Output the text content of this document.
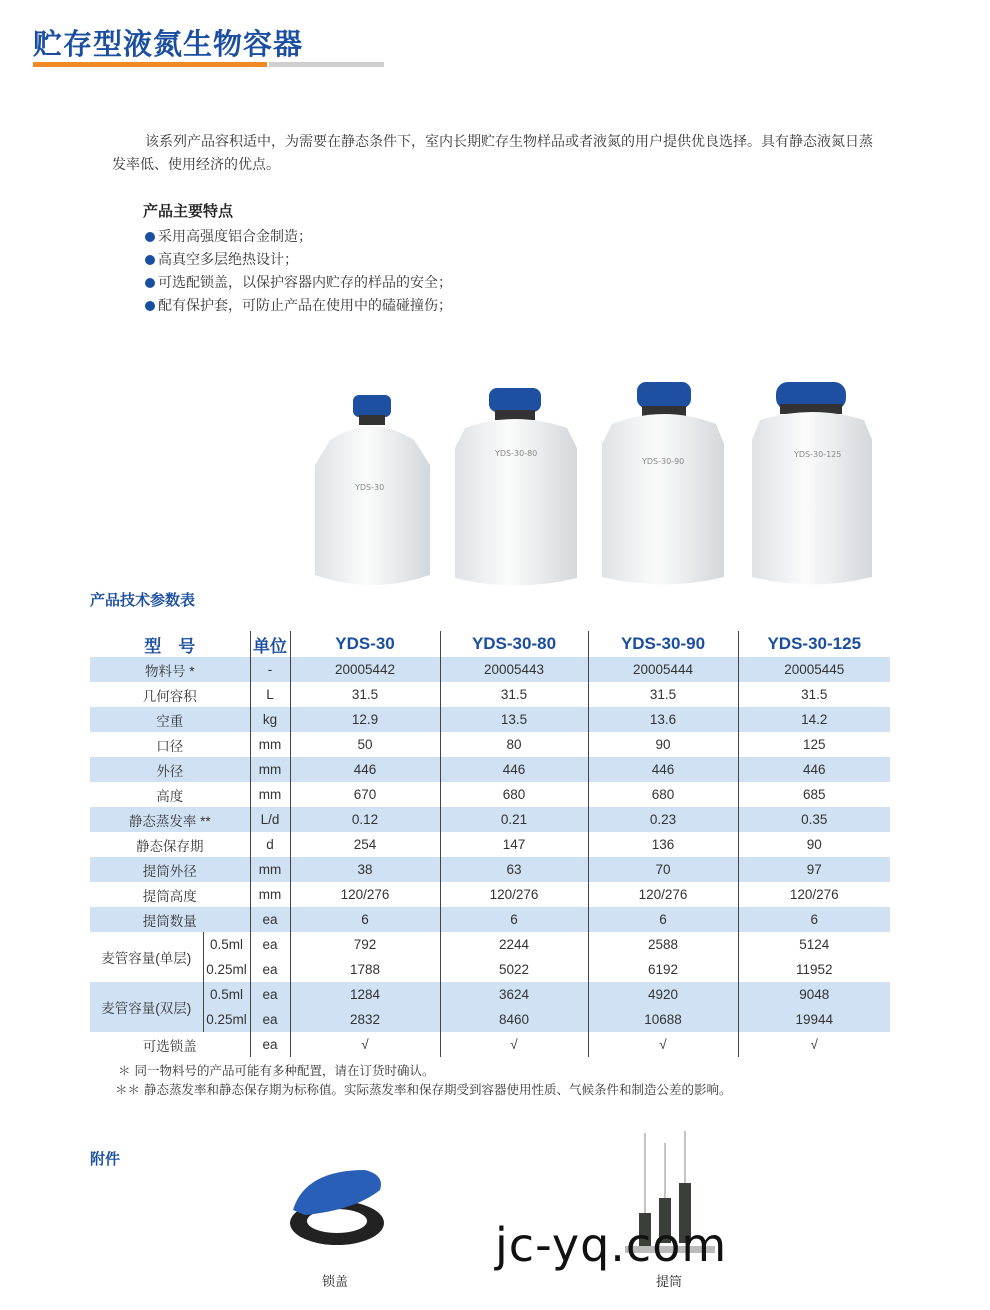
贮存型液氮生物容器
该系列产品容积适中，为需要在静态条件下，室内长期贮存生物样品或者液氮的用户提供优良选择。具有静态液氮日蒸发率低、使用经济的优点。
产品主要特点
采用高强度铝合金制造；
高真空多层绝热设计；
可选配锁盖，以保护容器内贮存的样品的安全；
配有保护套，可防止产品在使用中的磕碰撞伤；
YDS-30
YDS-30-80
YDS-30-90
YDS-30-125
产品技术参数表
型　号		单位	YDS-30	YDS-30-80	YDS-30-90	YDS-30-125
物料号 *		-	20005442	20005443	20005444	20005445
几何容积		L	31.5	31.5	31.5	31.5
空重		kg	12.9	13.5	13.6	14.2
口径		mm	50	80	90	125
外径		mm	446	446	446	446
高度		mm	670	680	680	685
静态蒸发率 **		L/d	0.12	0.21	0.23	0.35
静态保存期		d	254	147	136	90
提筒外径		mm	38	63	70	97
提筒高度		mm	120/276	120/276	120/276	120/276
提筒数量		ea	6	6	6	6
麦管容量(单层)	0.5ml	ea	792	2244	2588	5124
	0.25ml	ea	1788	5022	6192	11952
麦管容量(双层)	0.5ml	ea	1284	3624	4920	9048
	0.25ml	ea	2832	8460	10688	19944
可选锁盖		ea	√	√	√	√
＊ 同一物料号的产品可能有多种配置，请在订货时确认。
＊＊ 静态蒸发率和静态保存期为标称值。实际蒸发率和保存期受到容器使用性质、气候条件和制造公差的影响。
附件
锁盖	提筒
jc-yq.com
